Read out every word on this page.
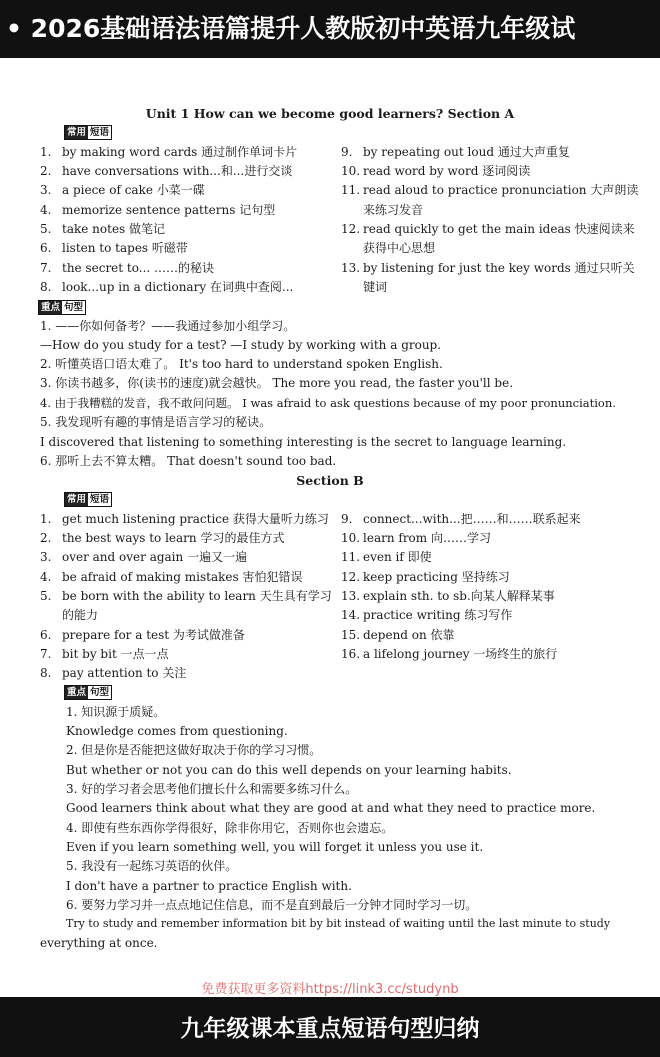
• 2026基础语法语篇提升人教版初中英语九年级试
Unit 1 How can we become good learners? Section A
常用 短语
1. by making word cards 通过制作单词卡片
2. have conversations with...和...进行交谈
3. a piece of cake 小菜一碟
4. memorize sentence patterns 记句型
5. take notes 做笔记
6. listen to tapes 听磁带
7. the secret to... ……的秘诀
8. look...up in a dictionary 在词典中查阅...
9. by repeating out loud 通过大声重复
10. read word by word 逐词阅读
11. read aloud to practice pronunciation 大声朗读
来练习发音
12. read quickly to get the main ideas 快速阅读来
获得中心思想
13. by listening for just the key words 通过只听关
键词
重点 句型
1. ——你如何备考？——我通过参加小组学习。
—How do you study for a test? —I study by working with a group.
2. 听懂英语口语太难了。 It's too hard to understand spoken English.
3. 你读书越多，你(读书的速度)就会越快。 The more you read, the faster you'll be.
4. 由于我糟糕的发音，我不敢问问题。 I was afraid to ask questions because of my poor pronunciation.
5. 我发现听有趣的事情是语言学习的秘诀。
I discovered that listening to something interesting is the secret to language learning.
6. 那听上去不算太糟。 That doesn't sound too bad.
Section B
常用 短语
1. get much listening practice 获得大量听力练习
2. the best ways to learn 学习的最佳方式
3. over and over again 一遍又一遍
4. be afraid of making mistakes 害怕犯错误
5. be born with the ability to learn 天生具有学习
的能力
6. prepare for a test 为考试做准备
7. bit by bit 一点一点
8. pay attention to 关注
9. connect...with...把……和……联系起来
10. learn from 向……学习
11. even if 即使
12. keep practicing 坚持练习
13. explain sth. to sb.向某人解释某事
14. practice writing 练习写作
15. depend on 依靠
16. a lifelong journey 一场终生的旅行
重点 句型
1. 知识源于质疑。
Knowledge comes from questioning.
2. 但是你是否能把这做好取决于你的学习习惯。
But whether or not you can do this well depends on your learning habits.
3. 好的学习者会思考他们擅长什么和需要多练习什么。
Good learners think about what they are good at and what they need to practice more.
4. 即使有些东西你学得很好，除非你用它，否则你也会遗忘。
Even if you learn something well, you will forget it unless you use it.
5. 我没有一起练习英语的伙伴。
I don't have a partner to practice English with.
6. 要努力学习并一点点地记住信息，而不是直到最后一分钟才同时学习一切。
Try to study and remember information bit by bit instead of waiting until the last minute to study
everything at once.
免费获取更多资料https://link3.cc/studynb
九年级课本重点短语句型归纳
